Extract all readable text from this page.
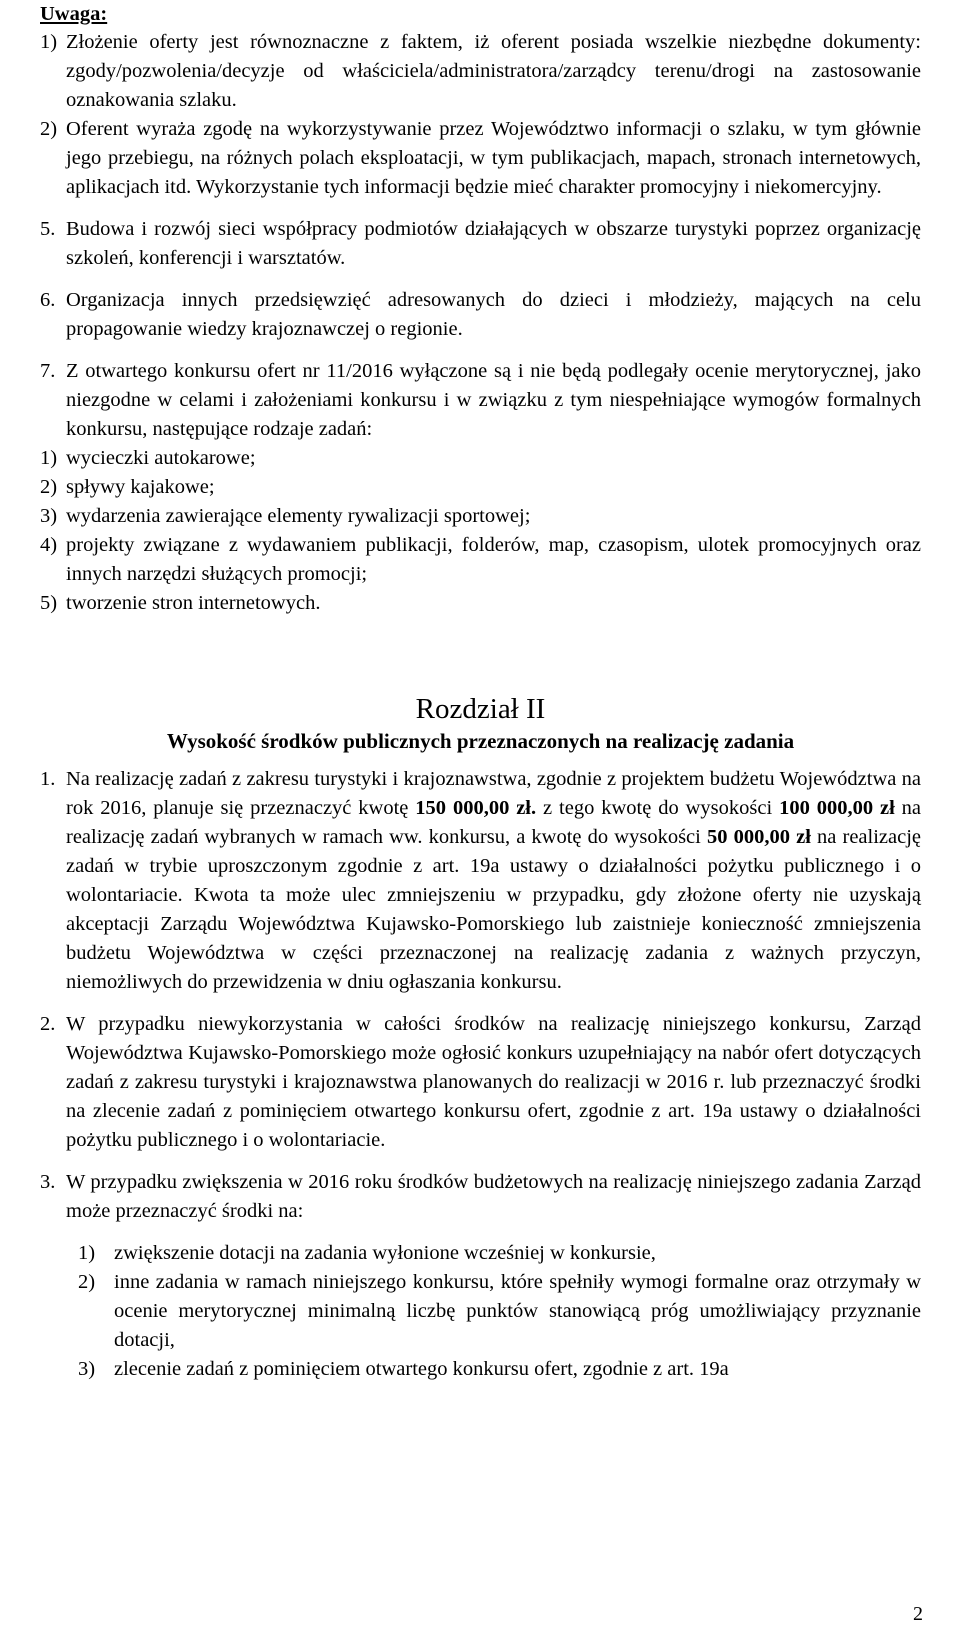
Uwaga:
1) Złożenie oferty jest równoznaczne z faktem, iż oferent posiada wszelkie niezbędne dokumenty: zgody/pozwolenia/decyzje od właściciela/administratora/zarządcy terenu/drogi na zastosowanie oznakowania szlaku.
2) Oferent wyraża zgodę na wykorzystywanie przez Województwo informacji o szlaku, w tym głównie jego przebiegu, na różnych polach eksploatacji, w tym publikacjach, mapach, stronach internetowych, aplikacjach itd. Wykorzystanie tych informacji będzie mieć charakter promocyjny i niekomercyjny.
5. Budowa i rozwój sieci współpracy podmiotów działających w obszarze turystyki poprzez organizację szkoleń, konferencji i warsztatów.
6. Organizacja innych przedsięwzięć adresowanych do dzieci i młodzieży, mających na celu propagowanie wiedzy krajoznawczej o regionie.
7. Z otwartego konkursu ofert nr 11/2016 wyłączone są i nie będą podlegały ocenie merytorycznej, jako niezgodne w celami i założeniami konkursu i w związku z tym niespełniające wymogów formalnych konkursu, następujące rodzaje zadań:
1) wycieczki autokarowe;
2) spływy kajakowe;
3) wydarzenia zawierające elementy rywalizacji sportowej;
4) projekty związane z wydawaniem publikacji, folderów, map, czasopism, ulotek promocyjnych oraz innych narzędzi służących promocji;
5) tworzenie stron internetowych.
Rozdział II
Wysokość środków publicznych przeznaczonych na realizację zadania
1. Na realizację zadań z zakresu turystyki i krajoznawstwa, zgodnie z projektem budżetu Województwa na rok 2016, planuje się przeznaczyć kwotę 150 000,00 zł. z tego kwotę do wysokości 100 000,00 zł na realizację zadań wybranych w ramach ww. konkursu, a kwotę do wysokości 50 000,00 zł na realizację zadań w trybie uproszczonym zgodnie z art. 19a ustawy o działalności pożytku publicznego i o wolontariacie. Kwota ta może ulec zmniejszeniu w przypadku, gdy złożone oferty nie uzyskają akceptacji Zarządu Województwa Kujawsko-Pomorskiego lub zaistnieje konieczność zmniejszenia budżetu Województwa w części przeznaczonej na realizację zadania z ważnych przyczyn, niemożliwych do przewidzenia w dniu ogłaszania konkursu.
2. W przypadku niewykorzystania w całości środków na realizację niniejszego konkursu, Zarząd Województwa Kujawsko-Pomorskiego może ogłosić konkurs uzupełniający na nabór ofert dotyczących zadań z zakresu turystyki i krajoznawstwa planowanych do realizacji w 2016 r. lub przeznaczyć środki na zlecenie zadań z pominięciem otwartego konkursu ofert, zgodnie z art. 19a ustawy o działalności pożytku publicznego i o wolontariacie.
3. W przypadku zwiększenia w 2016 roku środków budżetowych na realizację niniejszego zadania Zarząd może przeznaczyć środki na:
1) zwiększenie dotacji na zadania wyłonione wcześniej w konkursie,
2) inne zadania w ramach niniejszego konkursu, które spełniły wymogi formalne oraz otrzymały w ocenie merytorycznej minimalną liczbę punktów stanowiącą próg umożliwiający przyznanie dotacji,
3) zlecenie zadań z pominięciem otwartego konkursu ofert, zgodnie z art. 19a
2
